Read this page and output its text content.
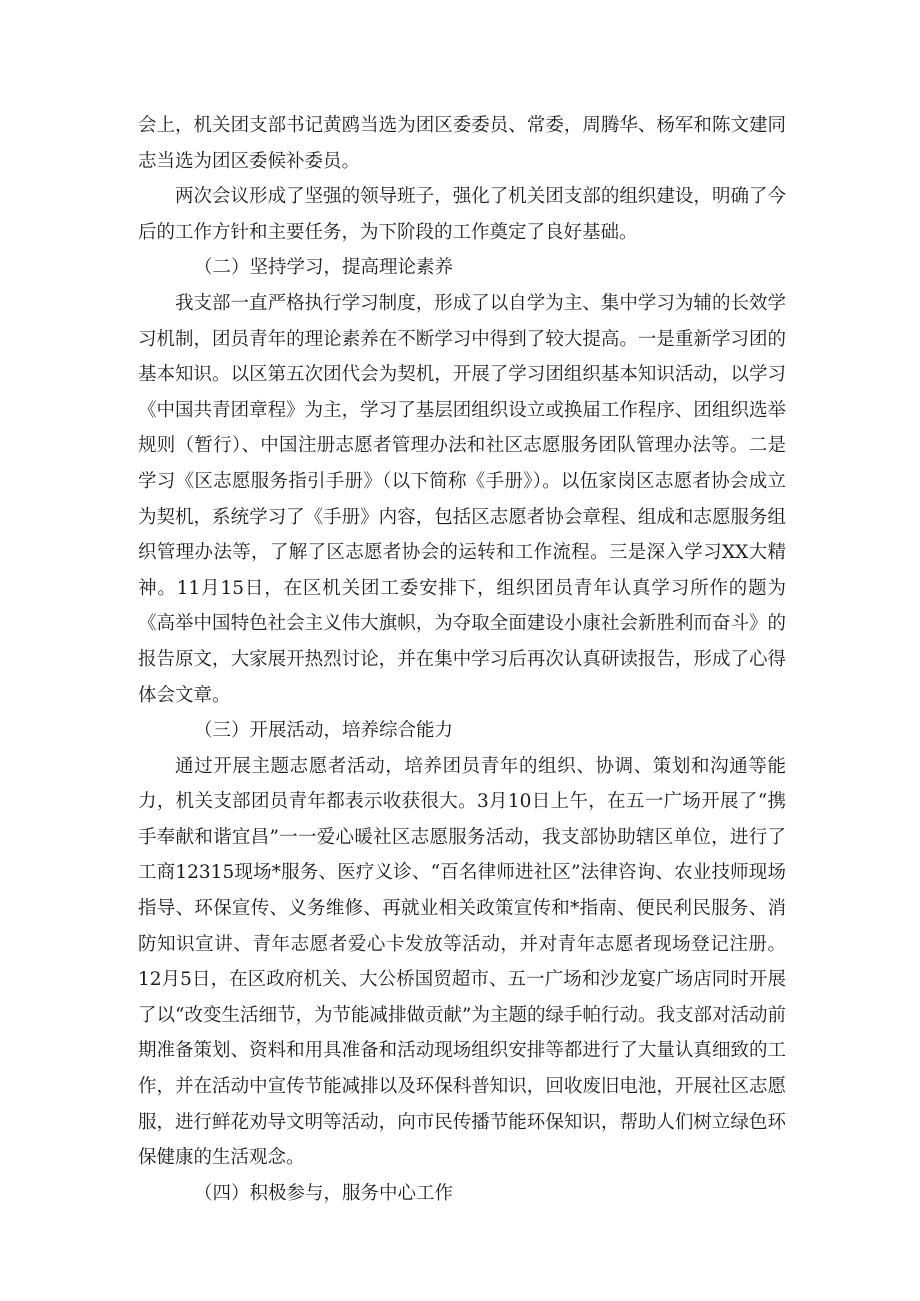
会上，机关团支部书记黄鸥当选为团区委委员、常委，周腾华、杨军和陈文建同志当选为团区委候补委员。

两次会议形成了坚强的领导班子，强化了机关团支部的组织建设，明确了今后的工作方针和主要任务，为下阶段的工作奠定了良好基础。

（二）坚持学习，提高理论素养

我支部一直严格执行学习制度，形成了以自学为主、集中学习为辅的长效学习机制，团员青年的理论素养在不断学习中得到了较大提高。一是重新学习团的基本知识。以区第五次团代会为契机，开展了学习团组织基本知识活动，以学习《中国共青团章程》为主，学习了基层团组织设立或换届工作程序、团组织选举规则（暂行）、中国注册志愿者管理办法和社区志愿服务团队管理办法等。二是学习《区志愿服务指引手册》（以下简称《手册》）。以伍家岗区志愿者协会成立为契机，系统学习了《手册》内容，包括区志愿者协会章程、组成和志愿服务组织管理办法等，了解了区志愿者协会的运转和工作流程。三是深入学习XX大精神。11月15日，在区机关团工委安排下，组织团员青年认真学习所作的题为《高举中国特色社会主义伟大旗帜，为夺取全面建设小康社会新胜利而奋斗》的报告原文，大家展开热烈讨论，并在集中学习后再次认真研读报告，形成了心得体会文章。

（三）开展活动，培养综合能力

通过开展主题志愿者活动，培养团员青年的组织、协调、策划和沟通等能力，机关支部团员青年都表示收获很大。3月10日上午，在五一广场开展了“携手奉献和谐宜昌”一一爱心暖社区志愿服务活动，我支部协助辖区单位，进行了工商12315现场*服务、医疗义诊、“百名律师进社区”法律咨询、农业技师现场指导、环保宣传、义务维修、再就业相关政策宣传和*指南、便民利民服务、消防知识宣讲、青年志愿者爱心卡发放等活动，并对青年志愿者现场登记注册。12月5日，在区政府机关、大公桥国贸超市、五一广场和沙龙宴广场店同时开展了以“改变生活细节，为节能减排做贡献”为主题的绿手帕行动。我支部对活动前期准备策划、资料和用具准备和活动现场组织安排等都进行了大量认真细致的工作，并在活动中宣传节能减排以及环保科普知识，回收废旧电池，开展社区志愿服，进行鲜花劝导文明等活动，向市民传播节能环保知识，帮助人们树立绿色环保健康的生活观念。

（四）积极参与，服务中心工作
